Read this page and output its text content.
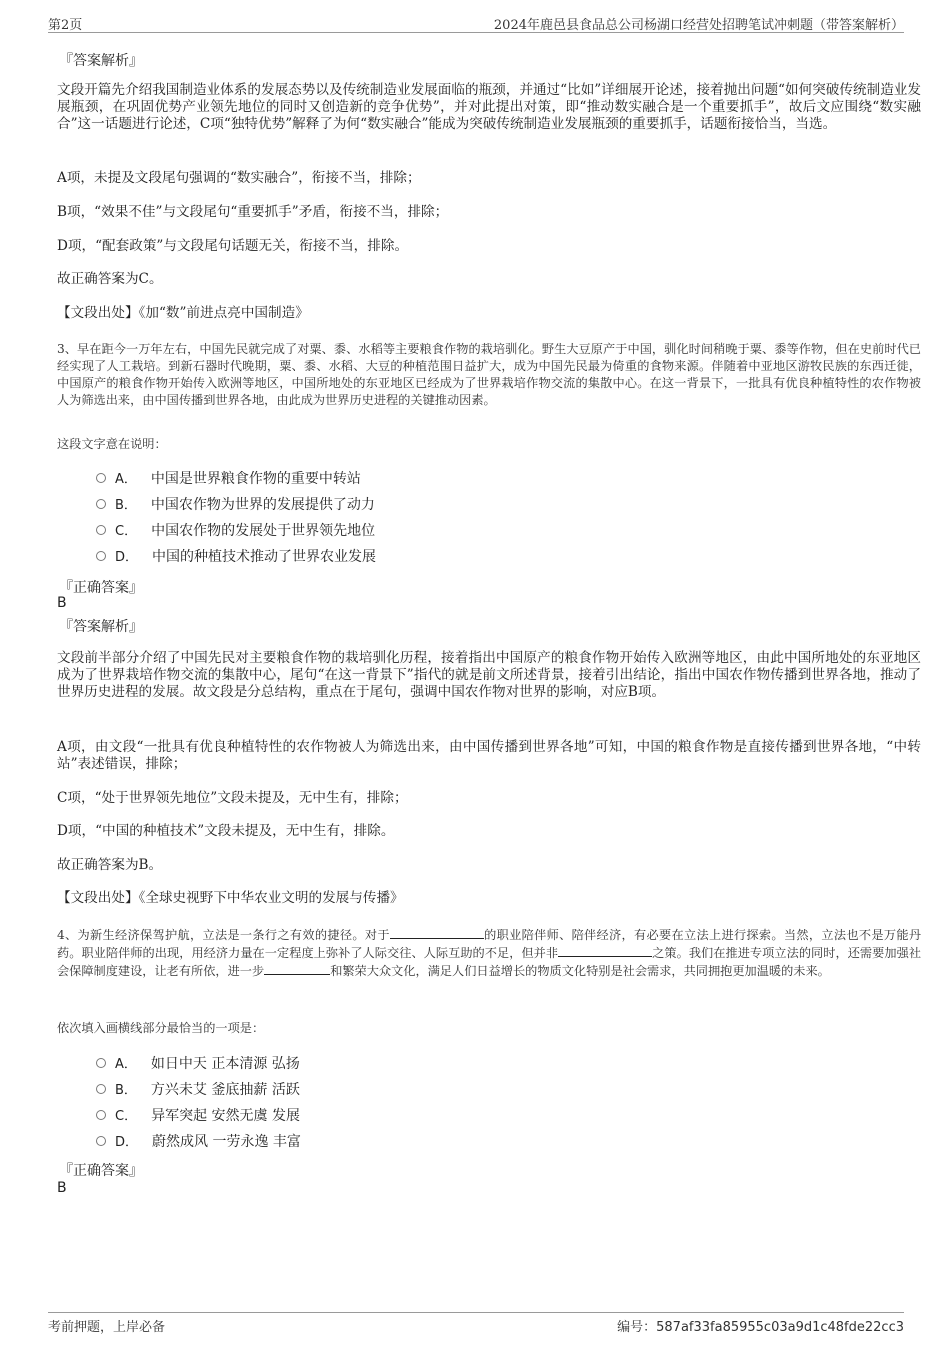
第2页	2024年鹿邑县食品总公司杨湖口经营处招聘笔试冲刺题（带答案解析）
『答案解析』

文段开篇先介绍我国制造业体系的发展态势以及传统制造业发展面临的瓶颈，并通过“比如”详细展开论述，接着抛出问题“如何突破传统制造业发展瓶颈，在巩固优势产业领先地位的同时又创造新的竞争优势”，并对此提出对策，即“推动数实融合是一个重要抓手”，故后文应围绕“数实融合”这一话题进行论述，C项“独特优势”解释了为何“数实融合”能成为突破传统制造业发展瓶颈的重要抓手，话题衔接恰当，当选。

A项，未提及文段尾句强调的“数实融合”，衔接不当，排除；
B项，“效果不佳”与文段尾句“重要抓手”矛盾，衔接不当，排除；
D项，“配套政策”与文段尾句话题无关，衔接不当，排除。
故正确答案为C。
【文段出处】《加“数”前进点亮中国制造》

3、早在距今一万年左右，中国先民就完成了对粟、黍、水稻等主要粮食作物的栽培驯化。野生大豆原产于中国，驯化时间稍晚于粟、黍等作物，但在史前时代已经实现了人工栽培。到新石器时代晚期，粟、黍、水稻、大豆的种植范围日益扩大，成为中国先民最为倚重的食物来源。伴随着中亚地区游牧民族的东西迁徙，中国原产的粮食作物开始传入欧洲等地区，中国所地处的东亚地区已经成为了世界栽培作物交流的集散中心。在这一背景下，一批具有优良种植特性的农作物被人为筛选出来，由中国传播到世界各地，由此成为世界历史进程的关键推动因素。

这段文字意在说明：
A． 中国是世界粮食作物的重要中转站
B． 中国农作物为世界的发展提供了动力
C． 中国农作物的发展处于世界领先地位
D． 中国的种植技术推动了世界农业发展
『正确答案』
B
『答案解析』

文段前半部分介绍了中国先民对主要粮食作物的栽培驯化历程，接着指出中国原产的粮食作物开始传入欧洲等地区，由此中国所地处的东亚地区成为了世界栽培作物交流的集散中心，尾句“在这一背景下”指代的就是前文所述背景，接着引出结论，指出中国农作物传播到世界各地，推动了世界历史进程的发展。故文段是分总结构，重点在于尾句，强调中国农作物对世界的影响，对应B项。

A项，由文段“一批具有优良种植特性的农作物被人为筛选出来，由中国传播到世界各地”可知，中国的粮食作物是直接传播到世界各地，“中转站”表述错误，排除；

C项，“处于世界领先地位”文段未提及，无中生有，排除；
D项，“中国的种植技术”文段未提及，无中生有，排除。
故正确答案为B。
【文段出处】《全球史视野下中华农业文明的发展与传播》

4、为新生经济保驾护航，立法是一条行之有效的捷径。对于	的职业陪伴师、陪伴经济，有必要在立法上进行探索。当然，立法也不是万能丹药。职业陪伴师的出现，用经济力量在一定程度上弥补了人际交往、人际互助的不足，但并非	之策。我们在推进专项立法的同时，还需要加强社会保障制度建设，让老有所依，进一步	和繁荣大众文化，满足人们日益增长的物质文化特别是社会需求，共同拥抱更加温暖的未来。

依次填入画横线部分最恰当的一项是：
A． 如日中天 正本清源 弘扬
B． 方兴未艾 釜底抽薪 活跃
C． 异军突起 安然无虞 发展
D． 蔚然成风 一劳永逸 丰富
『正确答案』
B
考前押题，上岸必备	编号：587af33fa85955c03a9d1c48fde22cc3
